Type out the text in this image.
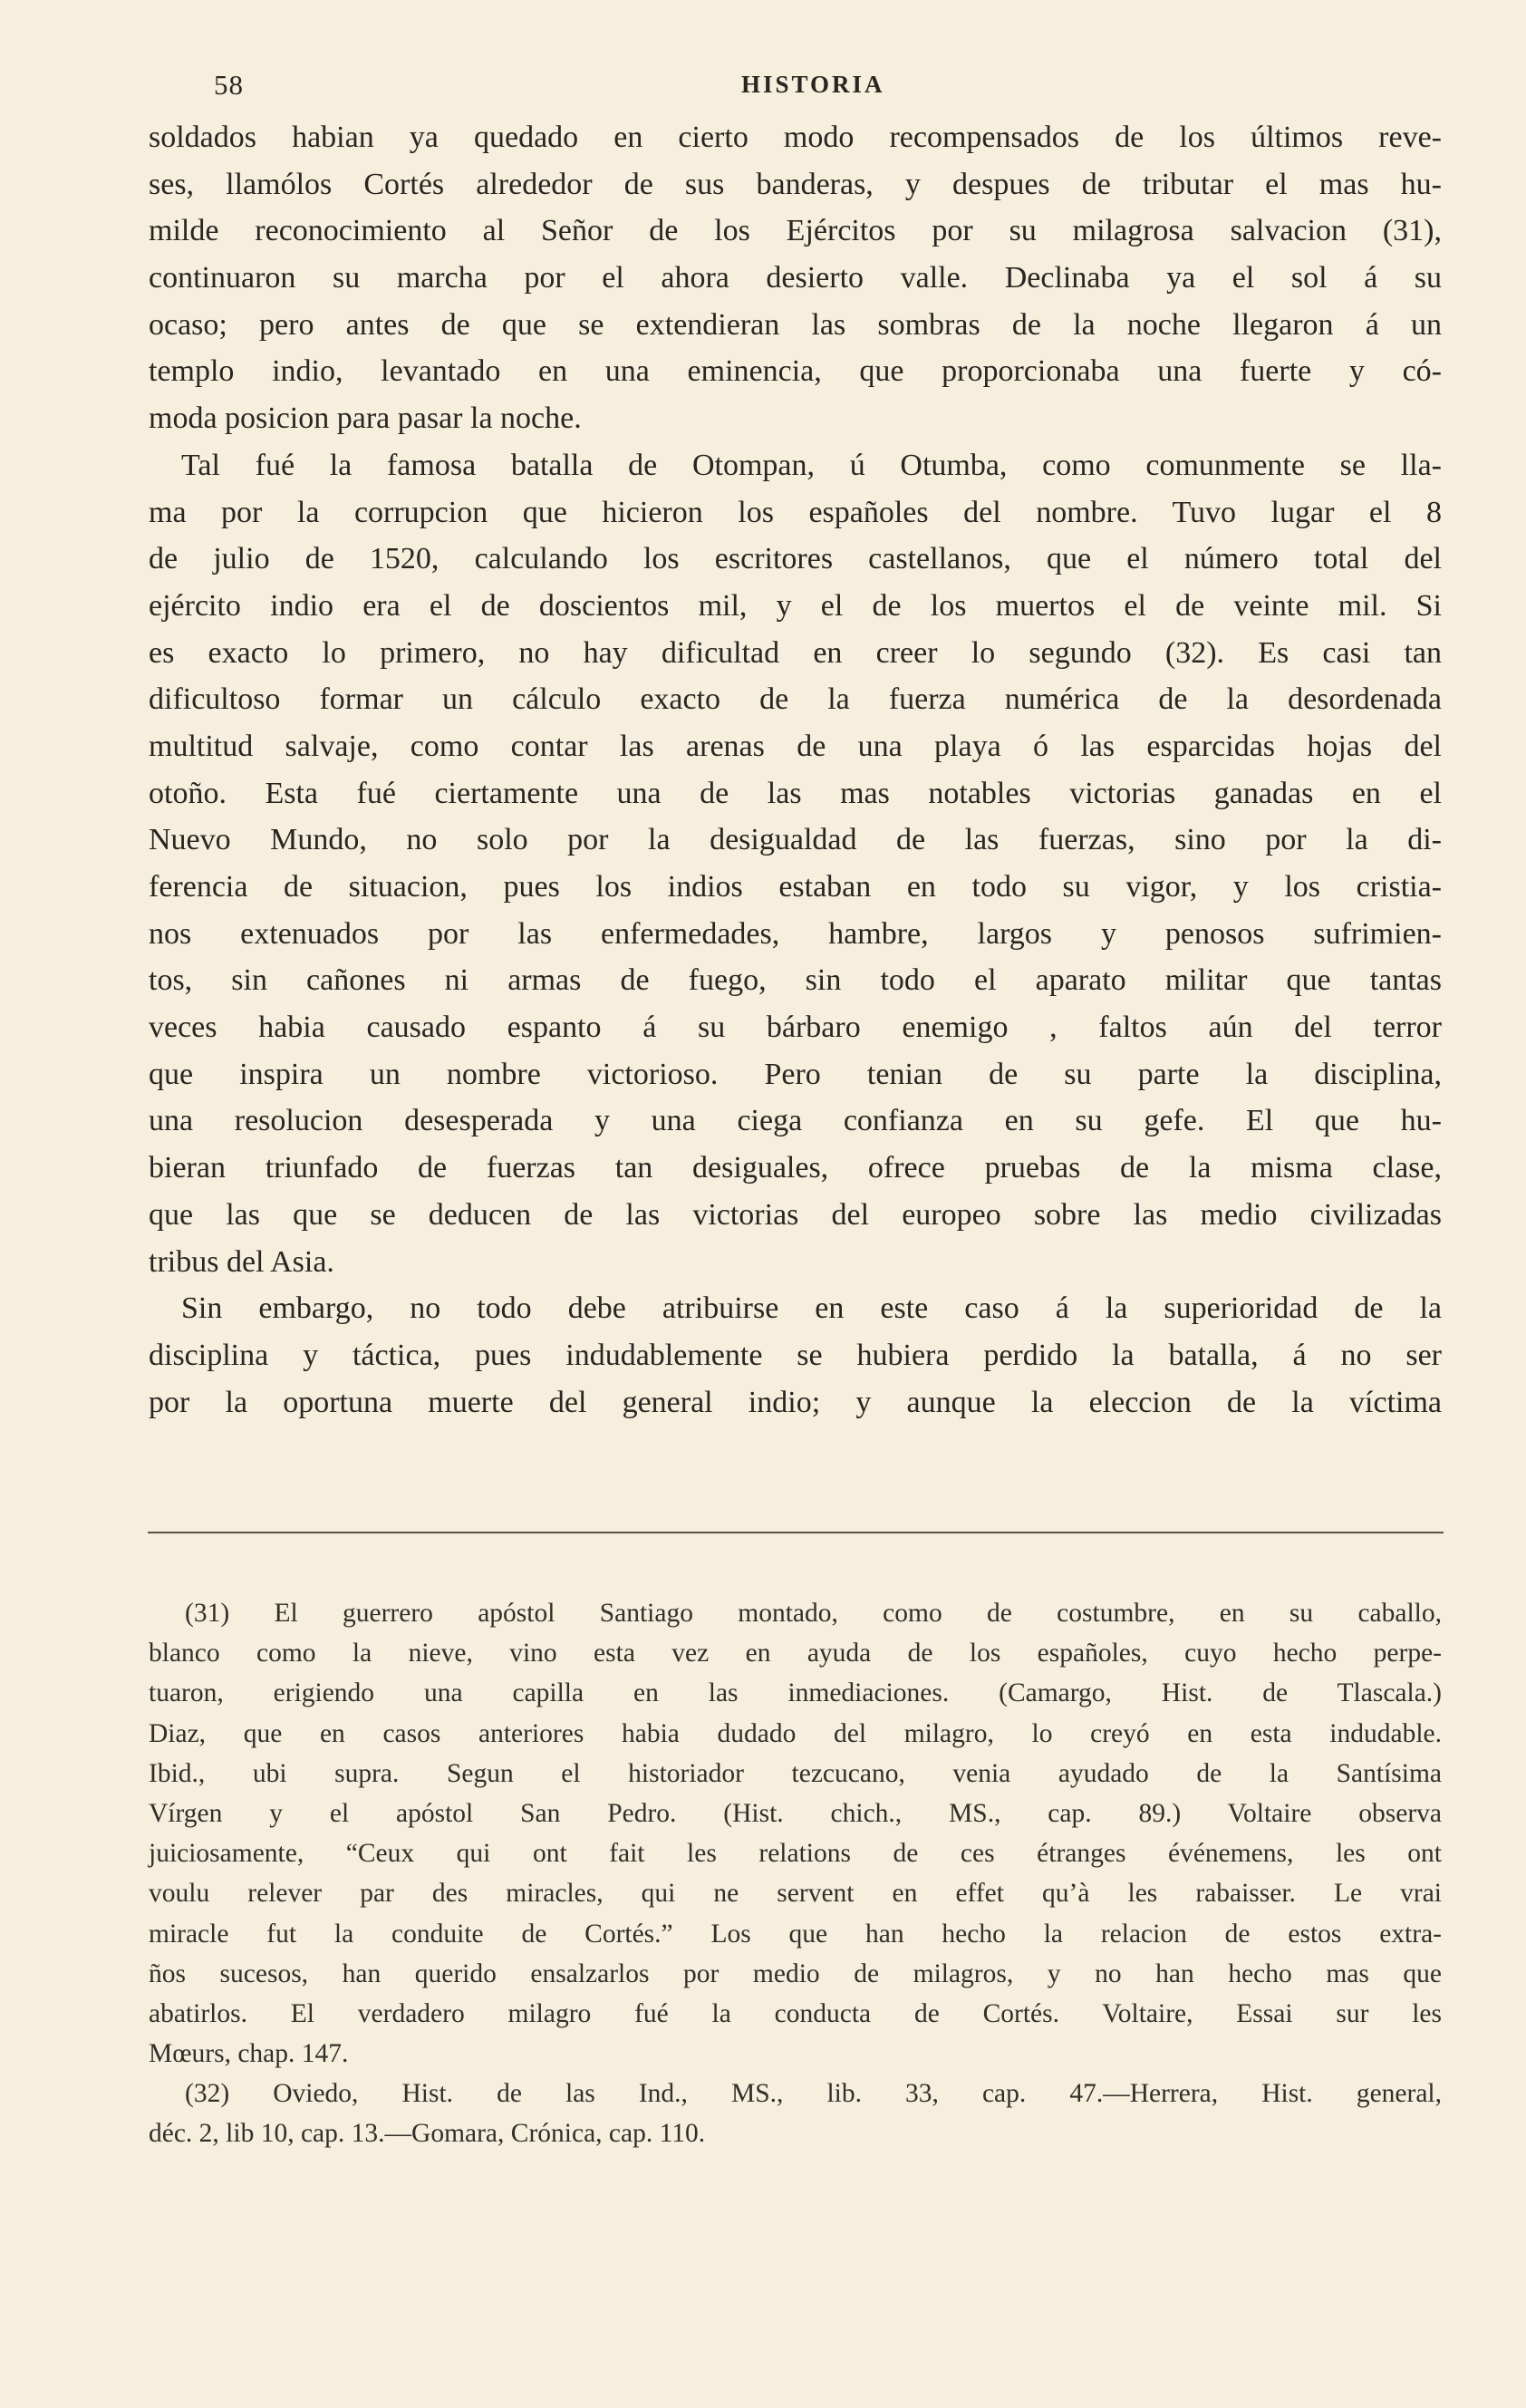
58	HISTORIA
soldados habian ya quedado en cierto modo recompensados de los últimos reve-
ses, llamólos Cortés alrededor de sus banderas, y despues de tributar el mas hu-
milde reconocimiento al Señor de los Ejércitos por su milagrosa salvacion (31),
continuaron su marcha por el ahora desierto valle. Declinaba ya el sol á su
ocaso; pero antes de que se extendieran las sombras de la noche llegaron á un
templo indio, levantado en una eminencia, que proporcionaba una fuerte y có-
moda posicion para pasar la noche.
Tal fué la famosa batalla de Otompan, ú Otumba, como comunmente se lla-
ma por la corrupcion que hicieron los españoles del nombre. Tuvo lugar el 8
de julio de 1520, calculando los escritores castellanos, que el número total del
ejército indio era el de doscientos mil, y el de los muertos el de veinte mil. Si
es exacto lo primero, no hay dificultad en creer lo segundo (32). Es casi tan
dificultoso formar un cálculo exacto de la fuerza numérica de la desordenada
multitud salvaje, como contar las arenas de una playa ó las esparcidas hojas del
otoño. Esta fué ciertamente una de las mas notables victorias ganadas en el
Nuevo Mundo, no solo por la desigualdad de las fuerzas, sino por la di-
ferencia de situacion, pues los indios estaban en todo su vigor, y los cristia-
nos extenuados por las enfermedades, hambre, largos y penosos sufrimien-
tos, sin cañones ni armas de fuego, sin todo el aparato militar que tantas
veces habia causado espanto á su bárbaro enemigo , faltos aún del terror
que inspira un nombre victorioso. Pero tenian de su parte la disciplina,
una resolucion desesperada y una ciega confianza en su gefe. El que hu-
bieran triunfado de fuerzas tan desiguales, ofrece pruebas de la misma clase,
que las que se deducen de las victorias del europeo sobre las medio civilizadas
tribus del Asia.
Sin embargo, no todo debe atribuirse en este caso á la superioridad de la
disciplina y táctica, pues indudablemente se hubiera perdido la batalla, á no ser
por la oportuna muerte del general indio; y aunque la eleccion de la víctima
(31) El guerrero apóstol Santiago montado, como de costumbre, en su caballo,
blanco como la nieve, vino esta vez en ayuda de los españoles, cuyo hecho perpe-
tuaron, erigiendo una capilla en las inmediaciones. (Camargo, Hist. de Tlascala.)
Diaz, que en casos anteriores habia dudado del milagro, lo creyó en esta indudable.
Ibid., ubi supra. Segun el historiador tezcucano, venia ayudado de la Santísima
Vírgen y el apóstol San Pedro. (Hist. chich., MS., cap. 89.) Voltaire observa
juiciosamente, “Ceux qui ont fait les relations de ces étranges événemens, les ont
voulu relever par des miracles, qui ne servent en effet qu’à les rabaisser. Le vrai
miracle fut la conduite de Cortés.” Los que han hecho la relacion de estos extra-
ños sucesos, han querido ensalzarlos por medio de milagros, y no han hecho mas que
abatirlos. El verdadero milagro fué la conducta de Cortés. Voltaire, Essai sur les
Mœurs, chap. 147.
(32) Oviedo, Hist. de las Ind., MS., lib. 33, cap. 47.—Herrera, Hist. general,
déc. 2, lib 10, cap. 13.—Gomara, Crónica, cap. 110.
